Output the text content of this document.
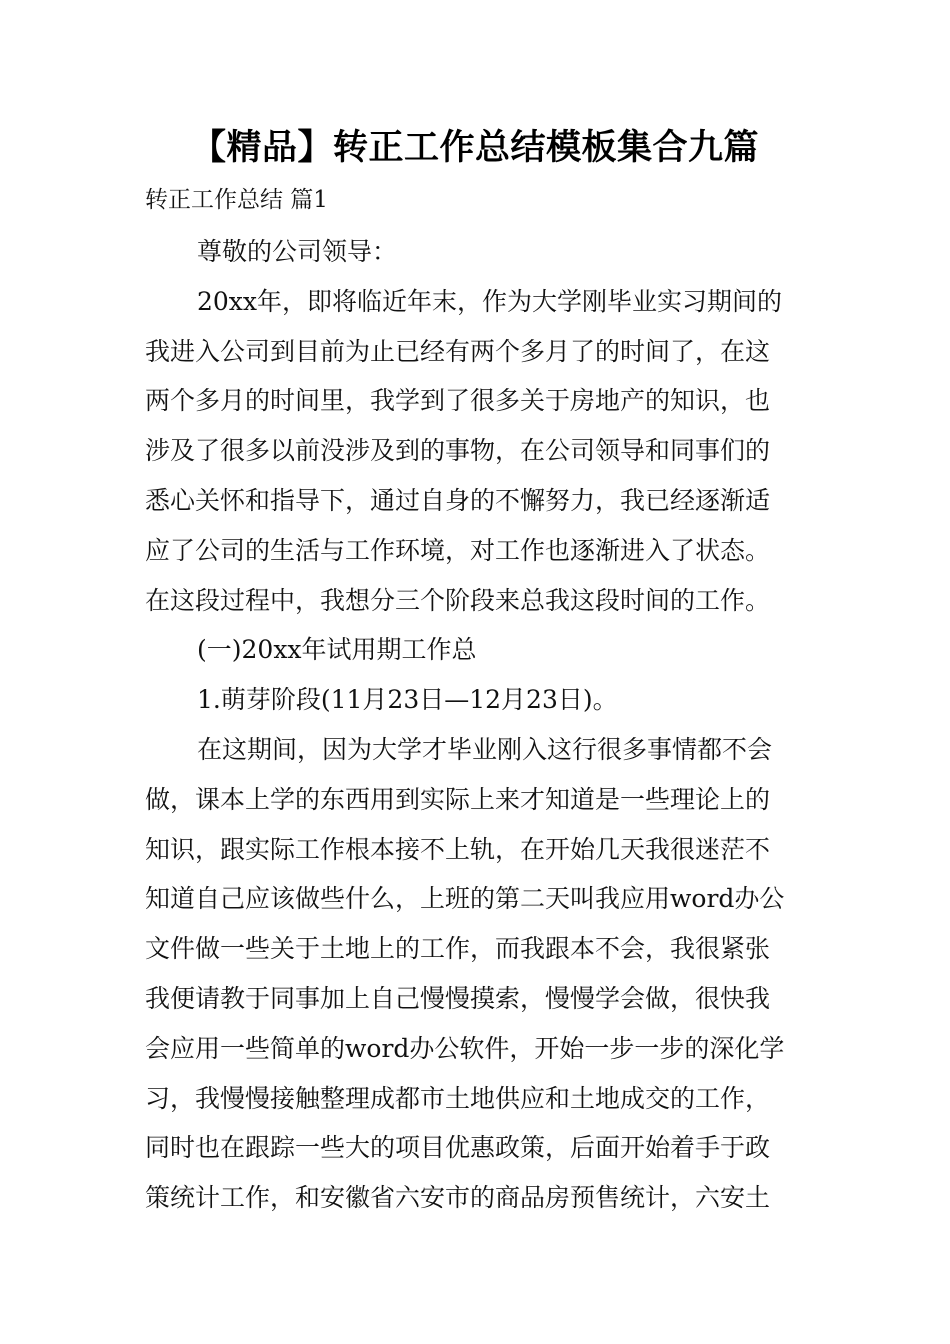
【精品】转正工作总结模板集合九篇
转正工作总结 篇1

尊敬的公司领导：

20xx年，即将临近年末，作为大学刚毕业实习期间的

我进入公司到目前为止已经有两个多月了的时间了，在这

两个多月的时间里，我学到了很多关于房地产的知识，也

涉及了很多以前没涉及到的事物，在公司领导和同事们的

悉心关怀和指导下，通过自身的不懈努力，我已经逐渐适

应了公司的生活与工作环境，对工作也逐渐进入了状态。

在这段过程中，我想分三个阶段来总我这段时间的工作。

(一)20xx年试用期工作总

1.萌芽阶段(11月23日—12月23日)。

在这期间，因为大学才毕业刚入这行很多事情都不会

做，课本上学的东西用到实际上来才知道是一些理论上的

知识，跟实际工作根本接不上轨，在开始几天我很迷茫不

知道自己应该做些什么，上班的第二天叫我应用word办公

文件做一些关于土地上的工作，而我跟本不会，我很紧张

我便请教于同事加上自己慢慢摸索，慢慢学会做，很快我

会应用一些简单的word办公软件，开始一步一步的深化学

习，我慢慢接触整理成都市土地供应和土地成交的工作，

同时也在跟踪一些大的项目优惠政策，后面开始着手于政

策统计工作，和安徽省六安市的商品房预售统计，六安土
